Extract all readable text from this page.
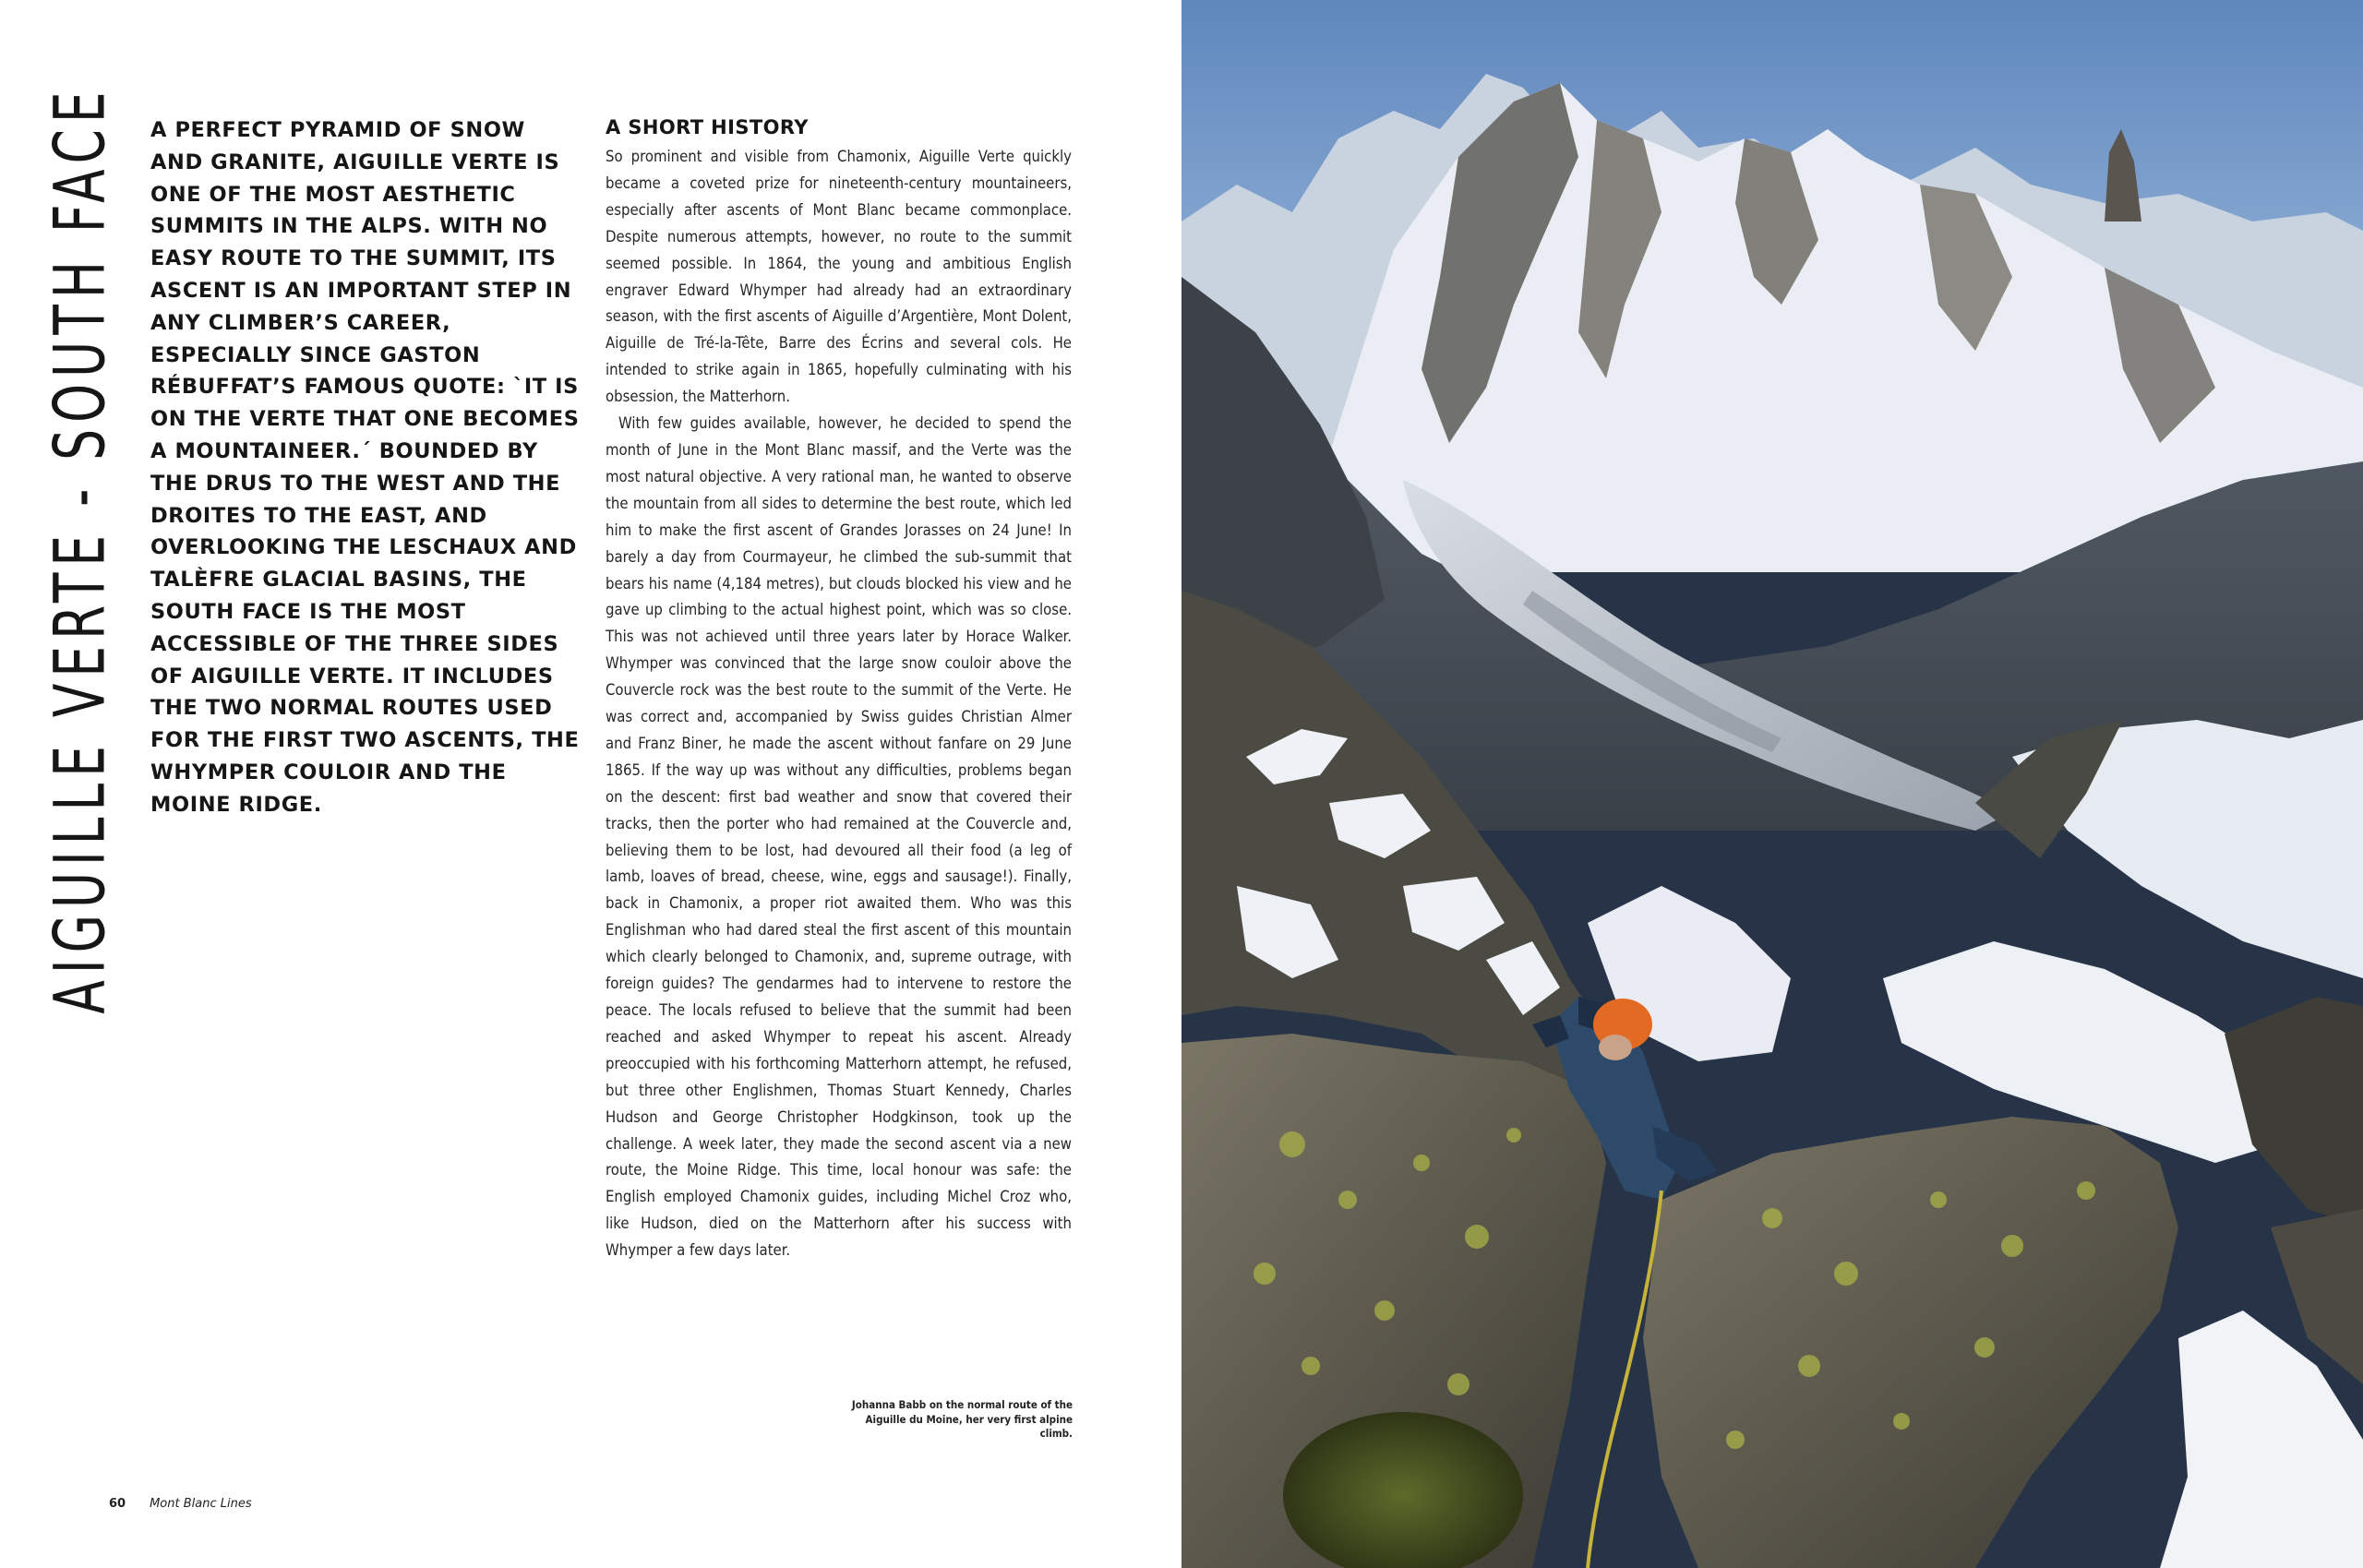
AIGUILLE VERTE - SOUTH FACE A PERFECT PYRAMID OF SNOW AND GRANITE, AIGUILLE VERTE IS ONE OF THE MOST AESTHETIC SUMMITS IN THE ALPS. WITH NO EASY ROUTE TO THE SUMMIT, ITS ASCENT IS AN IMPORTANT STEP IN ANY CLIMBER’S CAREER, ESPECIALLY SINCE GASTON RÉBUFFAT’S FAMOUS QUOTE: `IT IS ON THE VERTE THAT ONE BECOMES A MOUNTAINEER.´ BOUNDED BY THE DRUS TO THE WEST AND THE DROITES TO THE EAST, AND OVERLOOKING THE LESCHAUX AND TALÈFRE GLACIAL BASINS, THE SOUTH FACE IS THE MOST ACCESSIBLE OF THE THREE SIDES OF AIGUILLE VERTE. IT INCLUDES THE TWO NORMAL ROUTES USED FOR THE FIRST TWO ASCENTS, THE WHYMPER COULOIR AND THE MOINE RIDGE.
A SHORT HISTORY

So prominent and visible from Chamonix, Aiguille Verte quickly became a coveted prize for nineteenth-century mountaineers, especially after ascents of Mont Blanc became commonplace. Despite numerous attempts, however, no route to the summit seemed possible. In 1864, the young and ambitious English engraver Edward Whymper had already had an extraordinary season, with the first ascents of Aiguille d’Argentière, Mont Dolent, Aiguille de Tré-la-Tête, Barre des Écrins and several cols. He intended to strike again in 1865, hopefully culminating with his obsession, the Matterhorn.

With few guides available, however, he decided to spend the month of June in the Mont Blanc massif, and the Verte was the most natural objective. A very rational man, he wanted to observe the mountain from all sides to determine the best route, which led him to make the first ascent of Grandes Jorasses on 24 June! In barely a day from Courmayeur, he climbed the sub-summit that bears his name (4,184 metres), but clouds blocked his view and he gave up climbing to the actual highest point, which was so close. This was not achieved until three years later by Horace Walker. Whymper was convinced that the large snow couloir above the Couvercle rock was the best route to the summit of the Verte. He was correct and, accompanied by Swiss guides Christian Almer and Franz Biner, he made the ascent without fanfare on 29 June 1865. If the way up was without any difficulties, problems began on the descent: first bad weather and snow that covered their tracks, then the porter who had remained at the Couvercle and, believing them to be lost, had devoured all their food (a leg of lamb, loaves of bread, cheese, wine, eggs and sausage!). Finally, back in Chamonix, a proper riot awaited them. Who was this Englishman who had dared steal the first ascent of this mountain which clearly belonged to Chamonix, and, supreme outrage, with foreign guides? The gendarmes had to intervene to restore the peace. The locals refused to believe that the summit had been reached and asked Whymper to repeat his ascent. Already preoccupied with his forthcoming Matterhorn attempt, he refused, but three other Englishmen, Thomas Stuart Kennedy, Charles Hudson and George Christopher Hodgkinson, took up the challenge. A week later, they made the second ascent via a new route, the Moine Ridge. This time, local honour was safe: the English employed Chamonix guides, including Michel Croz who, like Hudson, died on the Matterhorn after his success with Whymper a few days later.

Johanna Babb on the normal route of the Aiguille du Moine, her very first alpine climb.
60 Mont Blanc Lines
